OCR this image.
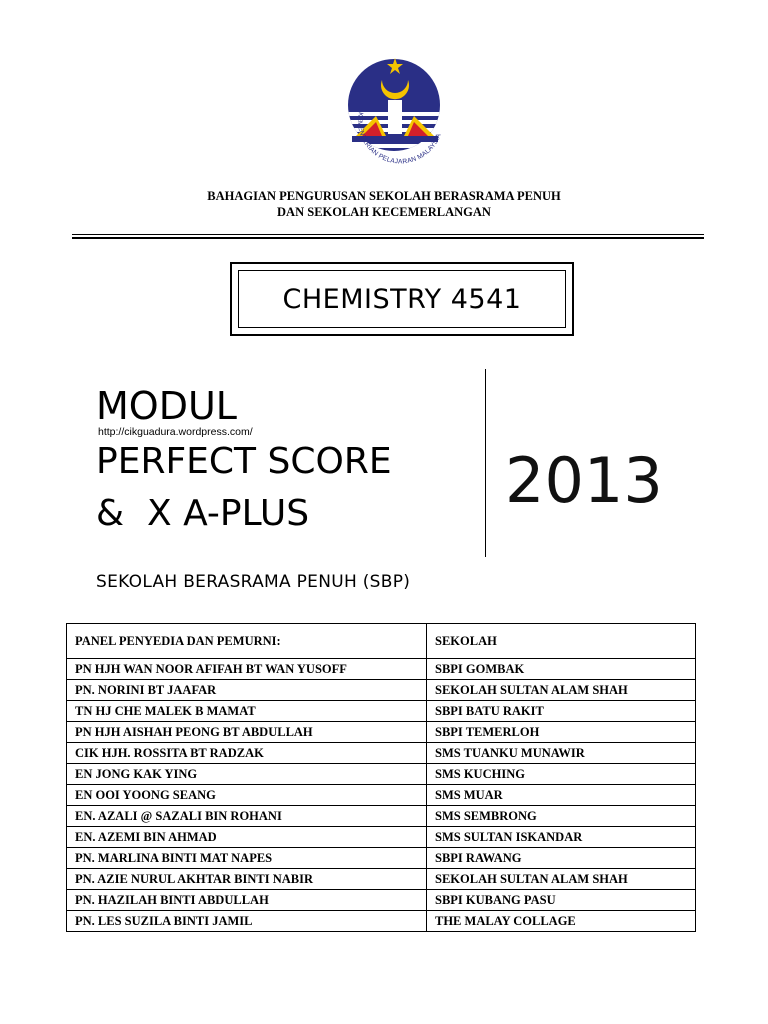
KEMENTERIAN PELAJARAN MALAYSIA
BAHAGIAN PENGURUSAN SEKOLAH BERASRAMA PENUH
DAN SEKOLAH KECEMERLANGAN
CHEMISTRY 4541
MODUL
http://cikguadura.wordpress.com/
PERFECT SCORE
&  X A-PLUS	2013
SEKOLAH BERASRAMA PENUH (SBP)
PANEL PENYEDIA DAN PEMURNI:	SEKOLAH
PN HJH WAN NOOR AFIFAH BT WAN YUSOFF	SBPI GOMBAK
PN. NORINI BT JAAFAR	SEKOLAH SULTAN ALAM SHAH
TN HJ CHE MALEK B MAMAT	SBPI BATU RAKIT
PN HJH AISHAH PEONG BT ABDULLAH	SBPI TEMERLOH
CIK HJH. ROSSITA BT RADZAK	SMS TUANKU MUNAWIR
EN JONG KAK YING	SMS KUCHING
EN OOI YOONG SEANG	SMS MUAR
EN. AZALI @ SAZALI BIN ROHANI	SMS SEMBRONG
EN. AZEMI BIN AHMAD	SMS SULTAN ISKANDAR
PN. MARLINA BINTI MAT NAPES	SBPI RAWANG
PN. AZIE NURUL AKHTAR BINTI NABIR	SEKOLAH SULTAN ALAM SHAH
PN. HAZILAH BINTI ABDULLAH	SBPI KUBANG PASU
PN. LES SUZILA BINTI JAMIL	THE MALAY COLLAGE
